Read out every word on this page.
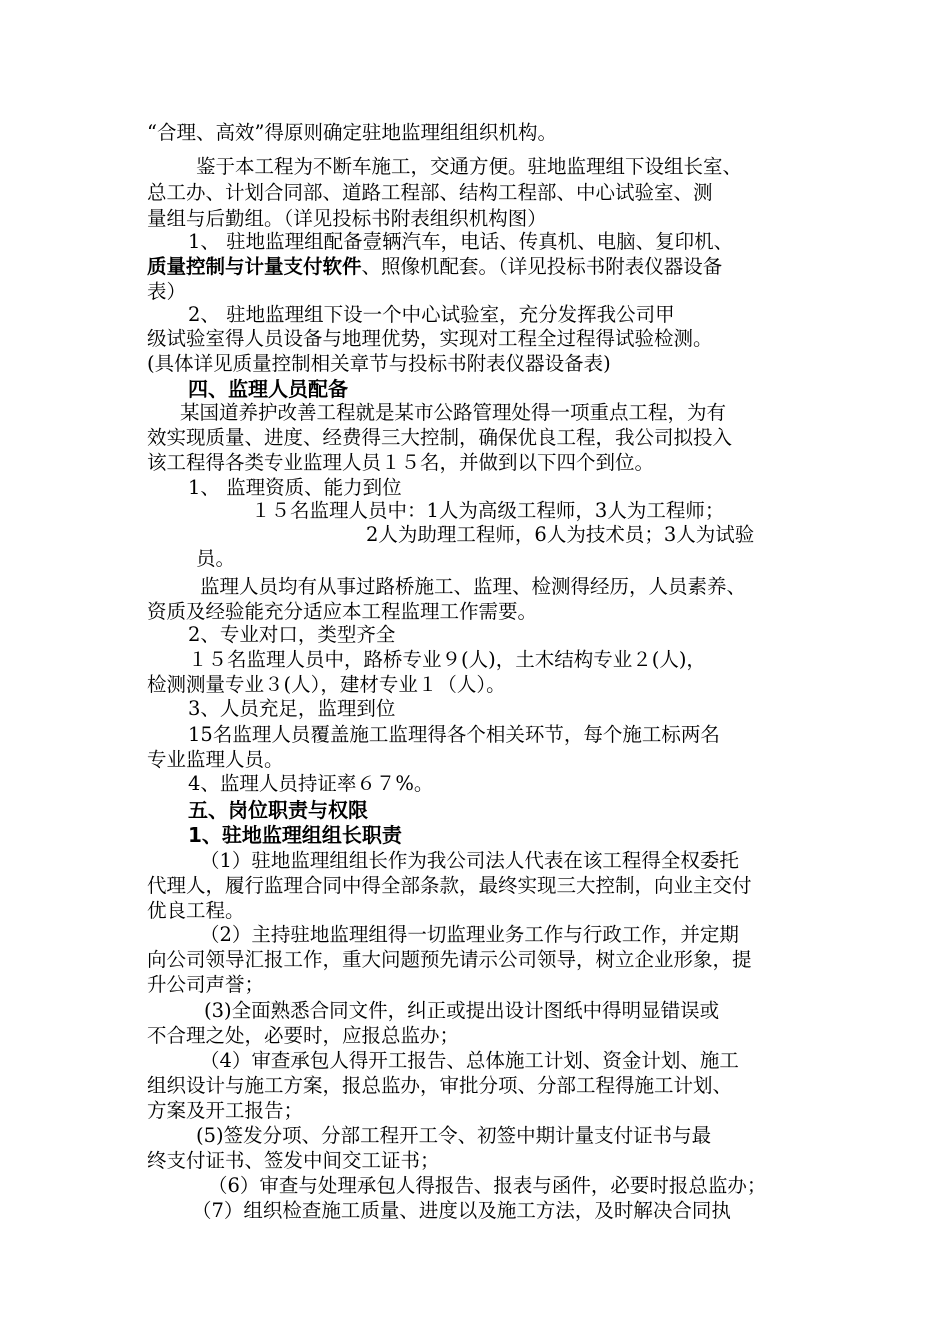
“合理、高效”得原则确定驻地监理组组织机构。
鉴于本工程为不断车施工，交通方便。驻地监理组下设组长室、
总工办、计划合同部、道路工程部、结构工程部、中心试验室、测
量组与后勤组。（详见投标书附表组织机构图）
1、 驻地监理组配备壹辆汽车，电话、传真机、电脑、复印机、
质量控制与计量支付软件、照像机配套。（详见投标书附表仪器设备
表）
2、 驻地监理组下设一个中心试验室，充分发挥我公司甲
级试验室得人员设备与地理优势，实现对工程全过程得试验检测。
(具体详见质量控制相关章节与投标书附表仪器设备表)
四、监理人员配备
某国道养护改善工程就是某市公路管理处得一项重点工程，为有
效实现质量、进度、经费得三大控制，确保优良工程，我公司拟投入
该工程得各类专业监理人员１５名，并做到以下四个到位。
1、 监理资质、能力到位
１５名监理人员中：1人为高级工程师，3人为工程师；
2人为助理工程师，6人为技术员；3人为试验
员。
监理人员均有从事过路桥施工、监理、检测得经历，人员素养、
资质及经验能充分适应本工程监理工作需要。
2、专业对口，类型齐全
１５名监理人员中，路桥专业９(人)，土木结构专业２(人)，
检测测量专业３(人），建材专业１（人）。
3、人员充足，监理到位
15名监理人员覆盖施工监理得各个相关环节，每个施工标两名
专业监理人员。
4、监理人员持证率６７%。
五、岗位职责与权限
1、驻地监理组组长职责
（1）驻地监理组组长作为我公司法人代表在该工程得全权委托
代理人，履行监理合同中得全部条款，最终实现三大控制，向业主交付
优良工程。
（2）主持驻地监理组得一切监理业务工作与行政工作，并定期
向公司领导汇报工作，重大问题预先请示公司领导，树立企业形象，提
升公司声誉；
(3)全面熟悉合同文件，纠正或提出设计图纸中得明显错误或
不合理之处，必要时，应报总监办；
（4）审查承包人得开工报告、总体施工计划、资金计划、施工
组织设计与施工方案，报总监办，审批分项、分部工程得施工计划、
方案及开工报告；
(5)签发分项、分部工程开工令、初签中期计量支付证书与最
终支付证书、签发中间交工证书；
（6）审查与处理承包人得报告、报表与函件，必要时报总监办；
（7）组织检查施工质量、进度以及施工方法，及时解决合同执
